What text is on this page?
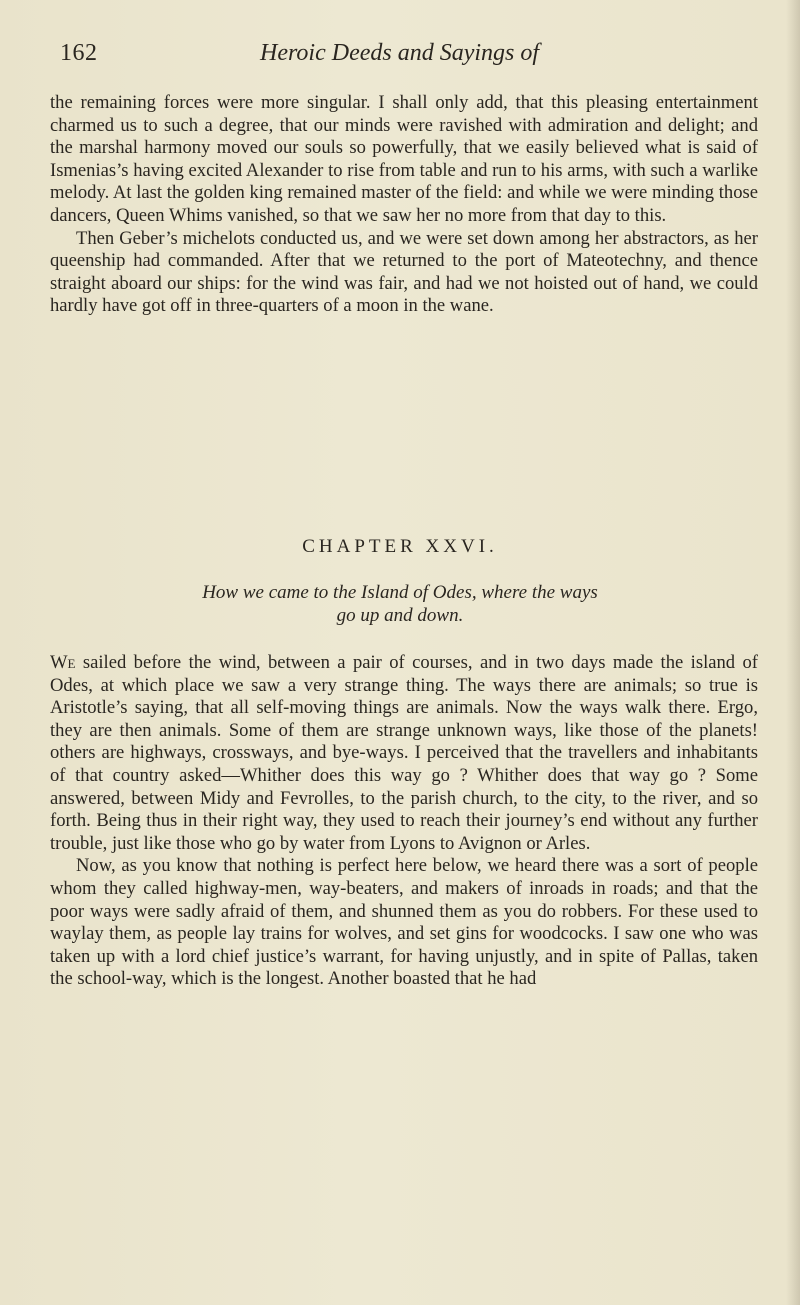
162	Heroic Deeds and Sayings of

the remaining forces were more singular. I shall only add, that this pleasing entertainment charmed us to such a degree, that our minds were ravished with admiration and delight; and the marshal harmony moved our souls so powerfully, that we easily believed what is said of Ismenias’s having excited Alexander to rise from table and run to his arms, with such a warlike melody. At last the golden king remained master of the field: and while we were minding those dancers, Queen Whims vanished, so that we saw her no more from that day to this.

Then Geber’s michelots conducted us, and we were set down among her abstractors, as her queenship had commanded. After that we returned to the port of Mateotechny, and thence straight aboard our ships: for the wind was fair, and had we not hoisted out of hand, we could hardly have got off in three-quarters of a moon in the wane.

CHAPTER XXVI.
How we came to the Island of Odes, where the ways
go up and down.

We sailed before the wind, between a pair of courses, and in two days made the island of Odes, at which place we saw a very strange thing. The ways there are animals; so true is Aristotle’s saying, that all self-moving things are animals. Now the ways walk there. Ergo, they are then animals. Some of them are strange unknown ways, like those of the planets! others are highways, crossways, and bye-ways. I perceived that the travellers and inhabitants of that country asked—Whither does this way go ? Whither does that way go ? Some answered, between Midy and Fevrolles, to the parish church, to the city, to the river, and so forth. Being thus in their right way, they used to reach their journey’s end without any further trouble, just like those who go by water from Lyons to Avignon or Arles.

Now, as you know that nothing is perfect here below, we heard there was a sort of people whom they called highway-men, way-beaters, and makers of inroads in roads; and that the poor ways were sadly afraid of them, and shunned them as you do robbers. For these used to waylay them, as people lay trains for wolves, and set gins for woodcocks. I saw one who was taken up with a lord chief justice’s warrant, for having unjustly, and in spite of Pallas, taken the school-way, which is the longest. Another boasted that he had
